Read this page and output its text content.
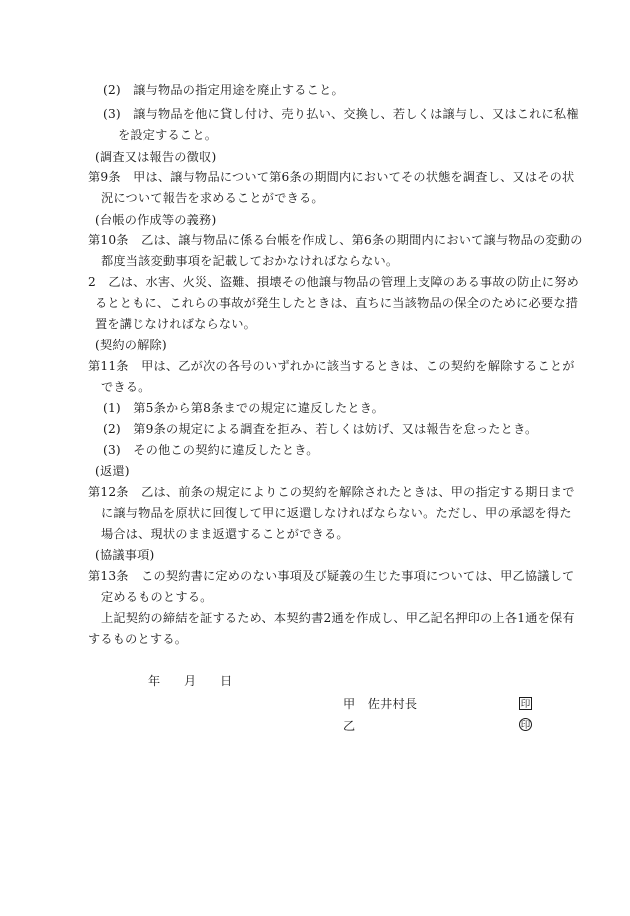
(2)　譲与物品の指定用途を廃止すること。
(3)　譲与物品を他に貸し付け、売り払い、交換し、若しくは譲与し、又はこれに私権
を設定すること。
(調査又は報告の徴収)
第9条　甲は、譲与物品について第6条の期間内においてその状態を調査し、又はその状
況について報告を求めることができる。
(台帳の作成等の義務)
第10条　乙は、譲与物品に係る台帳を作成し、第6条の期間内において譲与物品の変動の
都度当該変動事項を記載しておかなければならない。
2　乙は、水害、火災、盗難、損壊その他譲与物品の管理上支障のある事故の防止に努め
るとともに、これらの事故が発生したときは、直ちに当該物品の保全のために必要な措
置を講じなければならない。
(契約の解除)
第11条　甲は、乙が次の各号のいずれかに該当するときは、この契約を解除することが
できる。
(1)　第5条から第8条までの規定に違反したとき。
(2)　第9条の規定による調査を拒み、若しくは妨げ、又は報告を怠ったとき。
(3)　その他この契約に違反したとき。
(返還)
第12条　乙は、前条の規定によりこの契約を解除されたときは、甲の指定する期日まで
に譲与物品を原状に回復して甲に返還しなければならない。ただし、甲の承認を得た
場合は、現状のまま返還することができる。
(協議事項)
第13条　この契約書に定めのない事項及び疑義の生じた事項については、甲乙協議して
定めるものとする。
上記契約の締結を証するため、本契約書2通を作成し、甲乙記名押印の上各1通を保有
するものとする。
年 月 日
甲　佐井村長	印
乙	印
